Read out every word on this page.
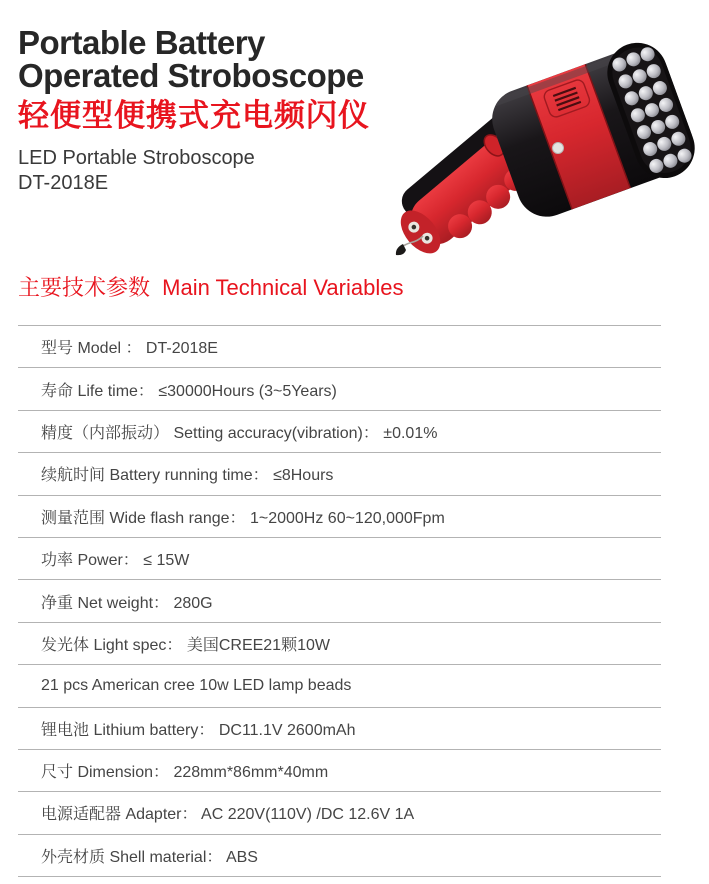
Portable Battery
Operated Stroboscope
轻便型便携式充电频闪仪
LED Portable Stroboscope
DT-2018E
主要技术参数 Main Technical Variables
型号 Model ： DT-2018E
寿命 Life time： ≤30000Hours (3~5Years)
精度（内部振动） Setting accuracy(vibration)： ±0.01%
续航时间 Battery running time： ≤8Hours
测量范围 Wide flash range： 1~2000Hz 60~120,000Fpm
功率 Power： ≤ 15W
净重 Net weight： 280G
发光体 Light spec： 美国CREE21颗10W
21 pcs American cree 10w LED lamp beads
锂电池 Lithium battery： DC11.1V 2600mAh
尺寸 Dimension： 228mm*86mm*40mm
电源适配器 Adapter： AC 220V(110V) /DC 12.6V 1A
外壳材质 Shell material： ABS
